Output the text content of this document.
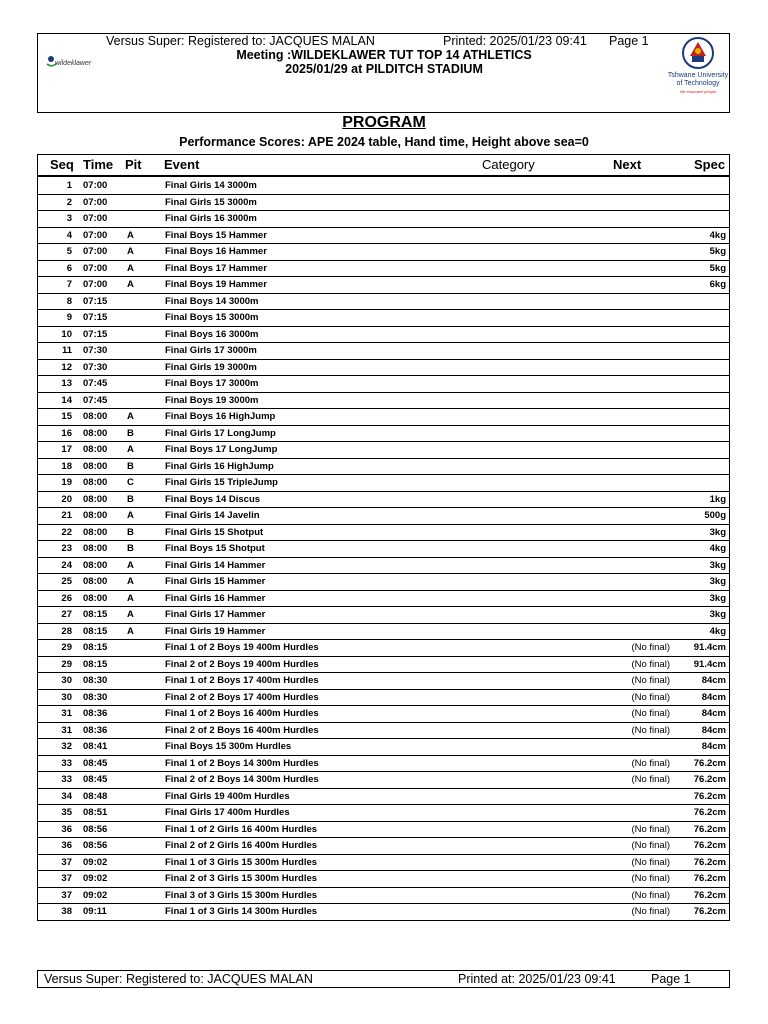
Versus Super: Registered to: JACQUES MALAN	Printed: 2025/01/23 09:41 Page 1
Meeting :WILDEKLAWER TUT TOP 14 ATHLETICS
2025/01/29 at PILDITCH STADIUM
wildeklawer
Tshwane University
of Technology
We empower people
PROGRAM
Performance Scores: APE 2024 table, Hand time, Height above sea=0
Seq Time Pit Event	Category	Next	Spec
1 07:00	Final Girls 14 3000m
2 07:00	Final Girls 15 3000m
3 07:00	Final Girls 16 3000m
4 07:00 A	Final Boys 15 Hammer	4kg
5 07:00 A	Final Boys 16 Hammer	5kg
6 07:00 A	Final Boys 17 Hammer	5kg
7 07:00 A	Final Boys 19 Hammer	6kg
8 07:15	Final Boys 14 3000m
9 07:15	Final Boys 15 3000m
10 07:15	Final Boys 16 3000m
11 07:30	Final Girls 17 3000m
12 07:30	Final Girls 19 3000m
13 07:45	Final Boys 17 3000m
14 07:45	Final Boys 19 3000m
15 08:00 A	Final Boys 16 HighJump
16 08:00 B	Final Girls 17 LongJump
17 08:00 A	Final Boys 17 LongJump
18 08:00 B	Final Girls 16 HighJump
19 08:00 C	Final Girls 15 TripleJump
20 08:00 B	Final Boys 14 Discus	1kg
21 08:00 A	Final Girls 14 Javelin	500g
22 08:00 B	Final Girls 15 Shotput	3kg
23 08:00 B	Final Boys 15 Shotput	4kg
24 08:00 A	Final Girls 14 Hammer	3kg
25 08:00 A	Final Girls 15 Hammer	3kg
26 08:00 A	Final Girls 16 Hammer	3kg
27 08:15 A	Final Girls 17 Hammer	3kg
28 08:15 A	Final Girls 19 Hammer	4kg
29 08:15	Final 1 of 2 Boys 19 400m Hurdles	(No final)	91.4cm
29 08:15	Final 2 of 2 Boys 19 400m Hurdles	(No final)	91.4cm
30 08:30	Final 1 of 2 Boys 17 400m Hurdles	(No final)	84cm
30 08:30	Final 2 of 2 Boys 17 400m Hurdles	(No final)	84cm
31 08:36	Final 1 of 2 Boys 16 400m Hurdles	(No final)	84cm
31 08:36	Final 2 of 2 Boys 16 400m Hurdles	(No final)	84cm
32 08:41	Final Boys 15 300m Hurdles	84cm
33 08:45	Final 1 of 2 Boys 14 300m Hurdles	(No final)	76.2cm
33 08:45	Final 2 of 2 Boys 14 300m Hurdles	(No final)	76.2cm
34 08:48	Final Girls 19 400m Hurdles	76.2cm
35 08:51	Final Girls 17 400m Hurdles	76.2cm
36 08:56	Final 1 of 2 Girls 16 400m Hurdles	(No final)	76.2cm
36 08:56	Final 2 of 2 Girls 16 400m Hurdles	(No final)	76.2cm
37 09:02	Final 1 of 3 Girls 15 300m Hurdles	(No final)	76.2cm
37 09:02	Final 2 of 3 Girls 15 300m Hurdles	(No final)	76.2cm
37 09:02	Final 3 of 3 Girls 15 300m Hurdles	(No final)	76.2cm
38 09:11	Final 1 of 3 Girls 14 300m Hurdles	(No final)	76.2cm
Versus Super: Registered to: JACQUES MALAN	Printed at: 2025/01/23 09:41	Page 1
